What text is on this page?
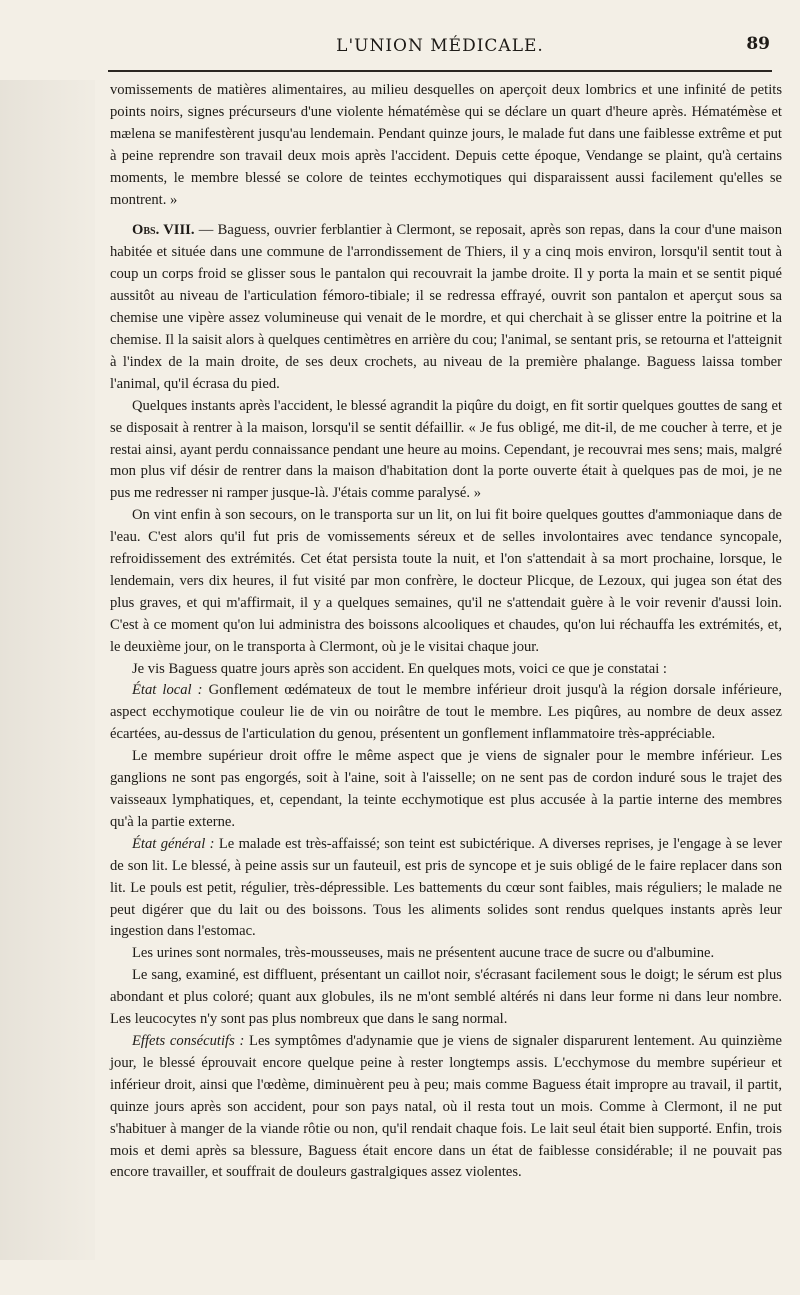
L'UNION MÉDICALE.	89

vomissements de matières alimentaires, au milieu desquelles on aperçoit deux lombrics et une infinité de petits points noirs, signes précurseurs d'une violente hématémèse qui se déclare un quart d'heure après. Hématémèse et mælena se manifestèrent jusqu'au lendemain. Pendant quinze jours, le malade fut dans une faiblesse extrême et put à peine reprendre son travail deux mois après l'accident. Depuis cette époque, Vendange se plaint, qu'à certains moments, le membre blessé se colore de teintes ecchymotiques qui disparaissent aussi facilement qu'elles se montrent. »

Obs. VIII. — Baguess, ouvrier ferblantier à Clermont, se reposait, après son repas, dans la cour d'une maison habitée et située dans une commune de l'arrondissement de Thiers, il y a cinq mois environ, lorsqu'il sentit tout à coup un corps froid se glisser sous le pantalon qui recouvrait la jambe droite. Il y porta la main et se sentit piqué aussitôt au niveau de l'articulation fémoro-tibiale; il se redressa effrayé, ouvrit son pantalon et aperçut sous sa chemise une vipère assez volumineuse qui venait de le mordre, et qui cherchait à se glisser entre la poitrine et la chemise. Il la saisit alors à quelques centimètres en arrière du cou; l'animal, se sentant pris, se retourna et l'atteignit à l'index de la main droite, de ses deux crochets, au niveau de la première phalange. Baguess laissa tomber l'animal, qu'il écrasa du pied.

Quelques instants après l'accident, le blessé agrandit la piqûre du doigt, en fit sortir quelques gouttes de sang et se disposait à rentrer à la maison, lorsqu'il se sentit défaillir. « Je fus obligé, me dit-il, de me coucher à terre, et je restai ainsi, ayant perdu connaissance pendant une heure au moins. Cependant, je recouvrai mes sens; mais, malgré mon plus vif désir de rentrer dans la maison d'habitation dont la porte ouverte était à quelques pas de moi, je ne pus me redresser ni ramper jusque-là. J'étais comme paralysé. »

On vint enfin à son secours, on le transporta sur un lit, on lui fit boire quelques gouttes d'ammoniaque dans de l'eau. C'est alors qu'il fut pris de vomissements séreux et de selles involontaires avec tendance syncopale, refroidissement des extrémités. Cet état persista toute la nuit, et l'on s'attendait à sa mort prochaine, lorsque, le lendemain, vers dix heures, il fut visité par mon confrère, le docteur Plicque, de Lezoux, qui jugea son état des plus graves, et qui m'affirmait, il y a quelques semaines, qu'il ne s'attendait guère à le voir revenir d'aussi loin. C'est à ce moment qu'on lui administra des boissons alcooliques et chaudes, qu'on lui réchauffa les extrémités, et, le deuxième jour, on le transporta à Clermont, où je le visitai chaque jour.

Je vis Baguess quatre jours après son accident. En quelques mots, voici ce que je constatai :

État local : Gonflement œdémateux de tout le membre inférieur droit jusqu'à la région dorsale inférieure, aspect ecchymotique couleur lie de vin ou noirâtre de tout le membre. Les piqûres, au nombre de deux assez écartées, au-dessus de l'articulation du genou, présentent un gonflement inflammatoire très-appréciable.

Le membre supérieur droit offre le même aspect que je viens de signaler pour le membre inférieur. Les ganglions ne sont pas engorgés, soit à l'aine, soit à l'aisselle; on ne sent pas de cordon induré sous le trajet des vaisseaux lymphatiques, et, cependant, la teinte ecchymotique est plus accusée à la partie interne des membres qu'à la partie externe.

État général : Le malade est très-affaissé; son teint est subictérique. A diverses reprises, je l'engage à se lever de son lit. Le blessé, à peine assis sur un fauteuil, est pris de syncope et je suis obligé de le faire replacer dans son lit. Le pouls est petit, régulier, très-dépressible. Les battements du cœur sont faibles, mais réguliers; le malade ne peut digérer que du lait ou des boissons. Tous les aliments solides sont rendus quelques instants après leur ingestion dans l'estomac.

Les urines sont normales, très-mousseuses, mais ne présentent aucune trace de sucre ou d'albumine.

Le sang, examiné, est diffluent, présentant un caillot noir, s'écrasant facilement sous le doigt; le sérum est plus abondant et plus coloré; quant aux globules, ils ne m'ont semblé altérés ni dans leur forme ni dans leur nombre. Les leucocytes n'y sont pas plus nombreux que dans le sang normal.

Effets consécutifs : Les symptômes d'adynamie que je viens de signaler disparurent lentement. Au quinzième jour, le blessé éprouvait encore quelque peine à rester longtemps assis. L'ecchymose du membre supérieur et inférieur droit, ainsi que l'œdème, diminuèrent peu à peu; mais comme Baguess était impropre au travail, il partit, quinze jours après son accident, pour son pays natal, où il resta tout un mois. Comme à Clermont, il ne put s'habituer à manger de la viande rôtie ou non, qu'il rendait chaque fois. Le lait seul était bien supporté. Enfin, trois mois et demi après sa blessure, Baguess était encore dans un état de faiblesse considérable; il ne pouvait pas encore travailler, et souffrait de douleurs gastralgiques assez violentes.
